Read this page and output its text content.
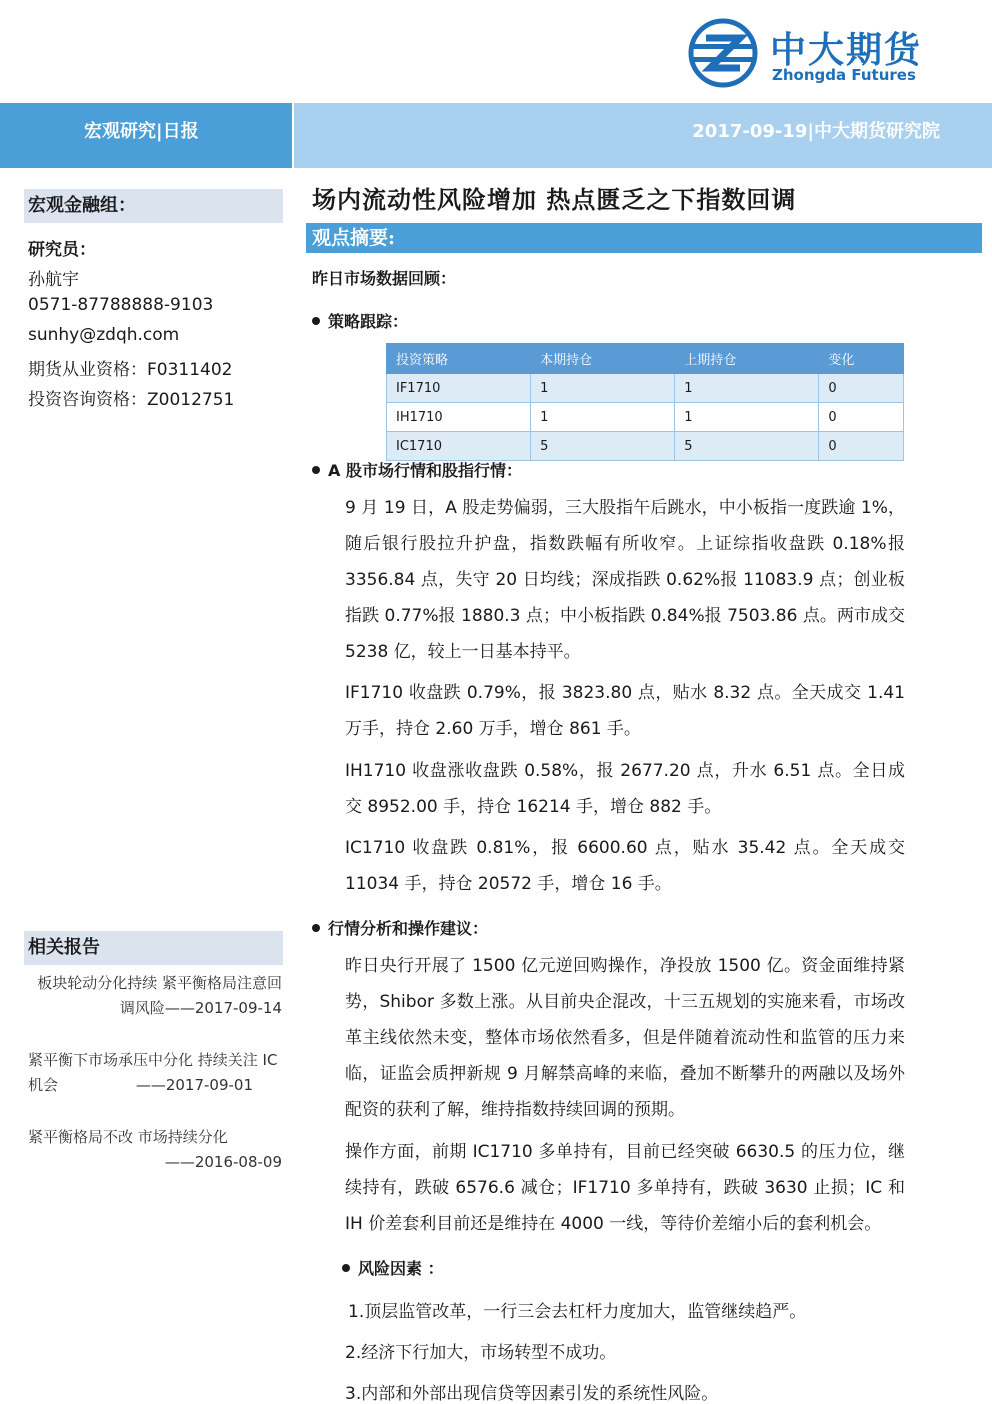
中大期货
Zhongda Futures
宏观研究|日报	2017-09-19|中大期货研究院
宏观金融组：
研究员：
孙航宇
0571-87788888-9103
sunhy@zdqh.com
期货从业资格：F0311402
投资咨询资格：Z0012751
相关报告
板块轮动分化持续 紧平衡格局注意回
调风险——2017-09-14
紧平衡下市场承压中分化 持续关注 IC
机会	——2017-09-01
紧平衡格局不改 市场持续分化
——2016-08-09
场内流动性风险增加 热点匮乏之下指数回调
观点摘要:
昨日市场数据回顾：
策略跟踪：
投资策略	本期持仓	上期持仓	变化
IF1710	1	1	0
IH1710	1	1	0
IC1710	5	5	0
A 股市场行情和股指行情：
9 月 19 日，A 股走势偏弱，三大股指午后跳水，中小板指一度跌逾 1%，随后银行股拉升护盘，指数跌幅有所收窄。上证综指收盘跌 0.18%报 3356.84 点，失守 20 日均线；深成指跌 0.62%报 11083.9 点；创业板指跌 0.77%报 1880.3 点；中小板指跌 0.84%报 7503.86 点。两市成交 5238 亿，较上一日基本持平。
IF1710 收盘跌 0.79%，报 3823.80 点，贴水 8.32 点。全天成交 1.41 万手，持仓 2.60 万手，增仓 861 手。
IH1710 收盘涨收盘跌 0.58%，报 2677.20 点，升水 6.51 点。全日成交 8952.00 手，持仓 16214 手，增仓 882 手。
IC1710 收盘跌 0.81%，报 6600.60 点，贴水 35.42 点。全天成交 11034 手，持仓 20572 手，增仓 16 手。
行情分析和操作建议：
昨日央行开展了 1500 亿元逆回购操作，净投放 1500 亿。资金面维持紧势，Shibor 多数上涨。从目前央企混改，十三五规划的实施来看，市场改革主线依然未变，整体市场依然看多，但是伴随着流动性和监管的压力来临，证监会质押新规 9 月解禁高峰的来临，叠加不断攀升的两融以及场外配资的获利了解，维持指数持续回调的预期。
操作方面，前期 IC1710 多单持有，目前已经突破 6630.5 的压力位，继续持有，跌破 6576.6 减仓；IF1710 多单持有，跌破 3630 止损；IC 和 IH 价差套利目前还是维持在 4000 一线，等待价差缩小后的套利机会。
风险因素 ：
1.顶层监管改革，一行三会去杠杆力度加大，监管继续趋严。
2.经济下行加大，市场转型不成功。
3.内部和外部出现信贷等因素引发的系统性风险。
